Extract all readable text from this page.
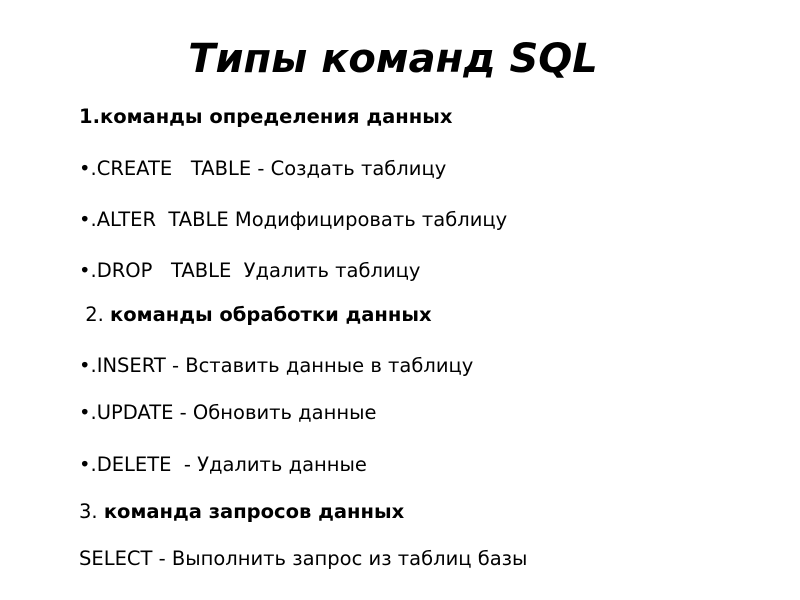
Типы команд SQL
1.команды определения данных
•.CREATE   TABLE - Создать таблицу
•.ALTER  TABLE Модифицировать таблицу
•.DROP   TABLE  Удалить таблицу
2. команды обработки данных
•.INSERT - Вставить данные в таблицу
•.UPDATE - Обновить данные
•.DELETE  - Удалить данные
3. команда запросов данных
SELECT - Выполнить запрос из таблиц базы
